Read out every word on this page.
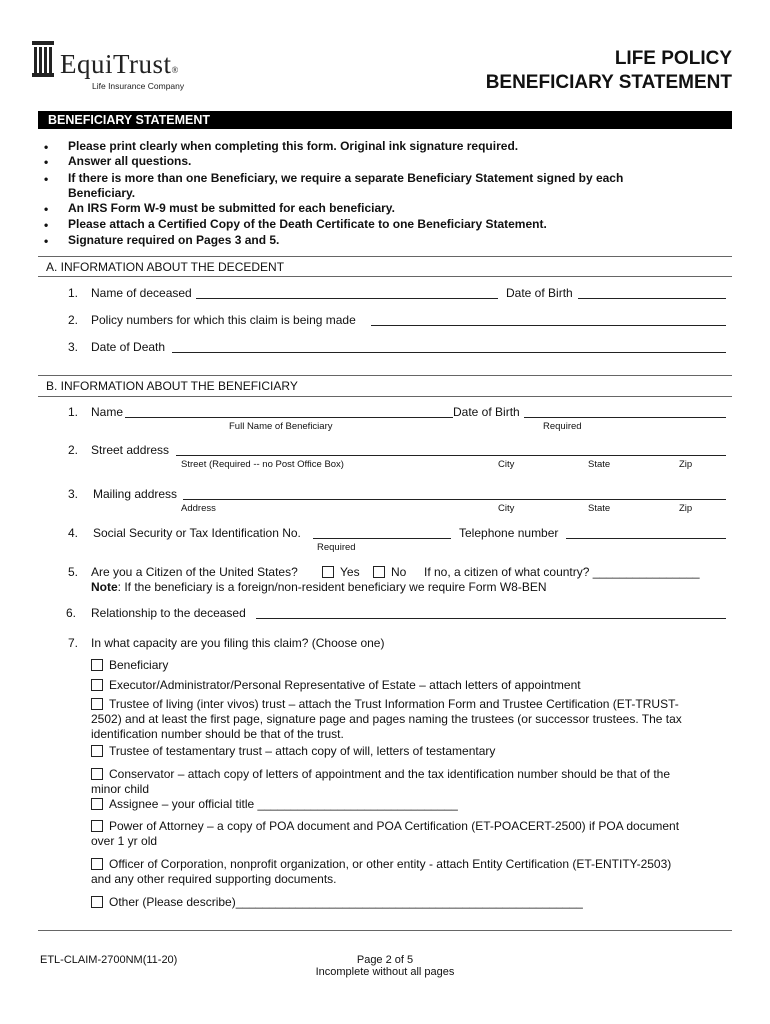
EquiTrust®
Life Insurance Company
LIFE POLICY
BENEFICIARY STATEMENT
BENEFICIARY STATEMENT
• Please print clearly when completing this form. Original ink signature required.
• Answer all questions.
• If there is more than one Beneficiary, we require a separate Beneficiary Statement signed by each
Beneficiary.
• An IRS Form W-9 must be submitted for each beneficiary.
• Please attach a Certified Copy of the Death Certificate to one Beneficiary Statement.
• Signature required on Pages 3 and 5.
A. INFORMATION ABOUT THE DECEDENT
1. Name of deceased	Date of Birth
2. Policy numbers for which this claim is being made
3. Date of Death
B. INFORMATION ABOUT THE BENEFICIARY
1. Name	Date of Birth
Full Name of Beneficiary	Required
2. Street address
Street (Required -- no Post Office Box)	City	State	Zip
3. Mailing address
Address	City	State	Zip
4. Social Security or Tax Identification No.	Telephone number
Required
5. Are you a Citizen of the United States?	Yes	No If no, a citizen of what country? ________________
Note: If the beneficiary is a foreign/non-resident beneficiary we require Form W8-BEN
6. Relationship to the deceased
7. In what capacity are you filing this claim? (Choose one)
Beneficiary
Executor/Administrator/Personal Representative of Estate – attach letters of appointment
Trustee of living (inter vivos) trust – attach the Trust Information Form and Trustee Certification (ET-TRUST-
2502) and at least the first page, signature page and pages naming the trustees (or successor trustees. The tax
identification number should be that of the trust.
Trustee of testamentary trust – attach copy of will, letters of testamentary
Conservator – attach copy of letters of appointment and the tax identification number should be that of the
minor child
Assignee – your official title ______________________________
Power of Attorney – a copy of POA document and POA Certification (ET-POACERT-2500) if POA document
over 1 yr old
Officer of Corporation, nonprofit organization, or other entity - attach Entity Certification (ET-ENTITY-2503)
and any other required supporting documents.
Other (Please describe)____________________________________________________
ETL-CLAIM-2700NM(11-20)	Page 2 of 5
Incomplete without all pages
